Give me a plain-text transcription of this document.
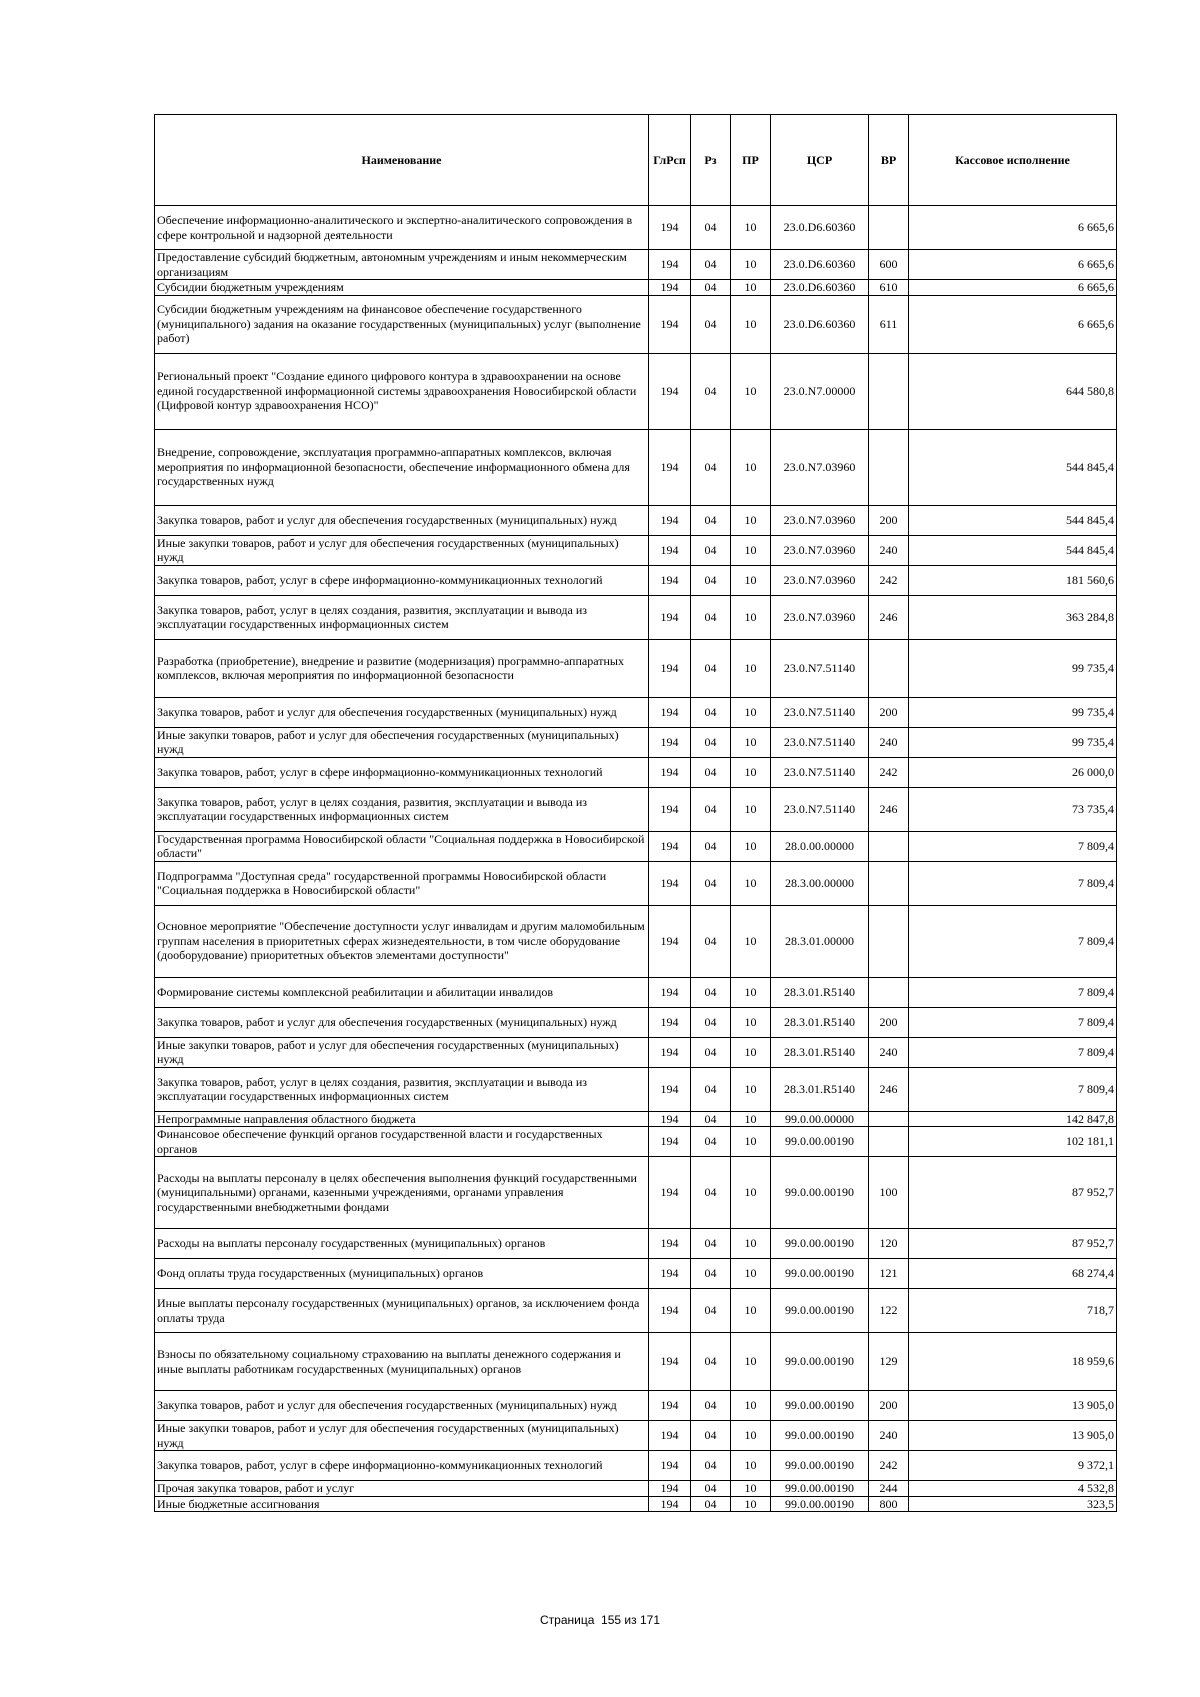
Наименование	ГлРсп	Рз	ПР	ЦСР	ВР	Кассовое исполнение
Обеспечение информационно-аналитического и экспертно-аналитического сопровождения в сфере контрольной и надзорной деятельности	194	04	10	23.0.D6.60360		6 665,6
Предоставление субсидий бюджетным, автономным учреждениям и иным некоммерческим организациям	194	04	10	23.0.D6.60360	600	6 665,6
Субсидии бюджетным учреждениям	194	04	10	23.0.D6.60360	610	6 665,6
Субсидии бюджетным учреждениям на финансовое обеспечение государственного (муниципального) задания на оказание государственных (муниципальных) услуг (выполнение работ)	194	04	10	23.0.D6.60360	611	6 665,6
Региональный проект "Создание единого цифрового контура в здравоохранении на основе единой государственной информационной системы здравоохранения Новосибирской области (Цифровой контур здравоохранения НСО)"	194	04	10	23.0.N7.00000		644 580,8
Внедрение, сопровождение, эксплуатация программно-аппаратных комплексов, включая мероприятия по информационной безопасности, обеспечение информационного обмена для государственных нужд	194	04	10	23.0.N7.03960		544 845,4
Закупка товаров, работ и услуг для обеспечения государственных (муниципальных) нужд	194	04	10	23.0.N7.03960	200	544 845,4
Иные закупки товаров, работ и услуг для обеспечения государственных (муниципальных) нужд	194	04	10	23.0.N7.03960	240	544 845,4
Закупка товаров, работ, услуг в сфере информационно-коммуникационных технологий	194	04	10	23.0.N7.03960	242	181 560,6
Закупка товаров, работ, услуг в целях создания, развития, эксплуатации и вывода из эксплуатации государственных информационных систем	194	04	10	23.0.N7.03960	246	363 284,8
Разработка (приобретение), внедрение и развитие (модернизация) программно-аппаратных комплексов, включая мероприятия по информационной безопасности	194	04	10	23.0.N7.51140		99 735,4
Закупка товаров, работ и услуг для обеспечения государственных (муниципальных) нужд	194	04	10	23.0.N7.51140	200	99 735,4
Иные закупки товаров, работ и услуг для обеспечения государственных (муниципальных) нужд	194	04	10	23.0.N7.51140	240	99 735,4
Закупка товаров, работ, услуг в сфере информационно-коммуникационных технологий	194	04	10	23.0.N7.51140	242	26 000,0
Закупка товаров, работ, услуг в целях создания, развития, эксплуатации и вывода из эксплуатации государственных информационных систем	194	04	10	23.0.N7.51140	246	73 735,4
Государственная программа Новосибирской области "Социальная поддержка в Новосибирской области"	194	04	10	28.0.00.00000		7 809,4
Подпрограмма "Доступная среда" государственной программы Новосибирской области "Социальная поддержка в Новосибирской области"	194	04	10	28.3.00.00000		7 809,4
Основное мероприятие "Обеспечение доступности услуг инвалидам и другим маломобильным группам населения в приоритетных сферах жизнедеятельности, в том числе оборудование (дооборудование) приоритетных объектов элементами доступности"	194	04	10	28.3.01.00000		7 809,4
Формирование системы комплексной реабилитации и абилитации инвалидов	194	04	10	28.3.01.R5140		7 809,4
Закупка товаров, работ и услуг для обеспечения государственных (муниципальных) нужд	194	04	10	28.3.01.R5140	200	7 809,4
Иные закупки товаров, работ и услуг для обеспечения государственных (муниципальных) нужд	194	04	10	28.3.01.R5140	240	7 809,4
Закупка товаров, работ, услуг в целях создания, развития, эксплуатации и вывода из эксплуатации государственных информационных систем	194	04	10	28.3.01.R5140	246	7 809,4
Непрограммные направления областного бюджета	194	04	10	99.0.00.00000		142 847,8
Финансовое обеспечение функций органов государственной власти и государственных органов	194	04	10	99.0.00.00190		102 181,1
Расходы на выплаты персоналу в целях обеспечения выполнения функций государственными (муниципальными) органами, казенными учреждениями, органами управления государственными внебюджетными фондами	194	04	10	99.0.00.00190	100	87 952,7
Расходы на выплаты персоналу государственных (муниципальных) органов	194	04	10	99.0.00.00190	120	87 952,7
Фонд оплаты труда государственных (муниципальных) органов	194	04	10	99.0.00.00190	121	68 274,4
Иные выплаты персоналу государственных (муниципальных) органов, за исключением фонда оплаты труда	194	04	10	99.0.00.00190	122	718,7
Взносы по обязательному социальному страхованию на выплаты денежного содержания и иные выплаты работникам государственных (муниципальных) органов	194	04	10	99.0.00.00190	129	18 959,6
Закупка товаров, работ и услуг для обеспечения государственных (муниципальных) нужд	194	04	10	99.0.00.00190	200	13 905,0
Иные закупки товаров, работ и услуг для обеспечения государственных (муниципальных) нужд	194	04	10	99.0.00.00190	240	13 905,0
Закупка товаров, работ, услуг в сфере информационно-коммуникационных технологий	194	04	10	99.0.00.00190	242	9 372,1
Прочая закупка товаров, работ и услуг	194	04	10	99.0.00.00190	244	4 532,8
Иные бюджетные ассигнования	194	04	10	99.0.00.00190	800	323,5
Страница 155 из 171
